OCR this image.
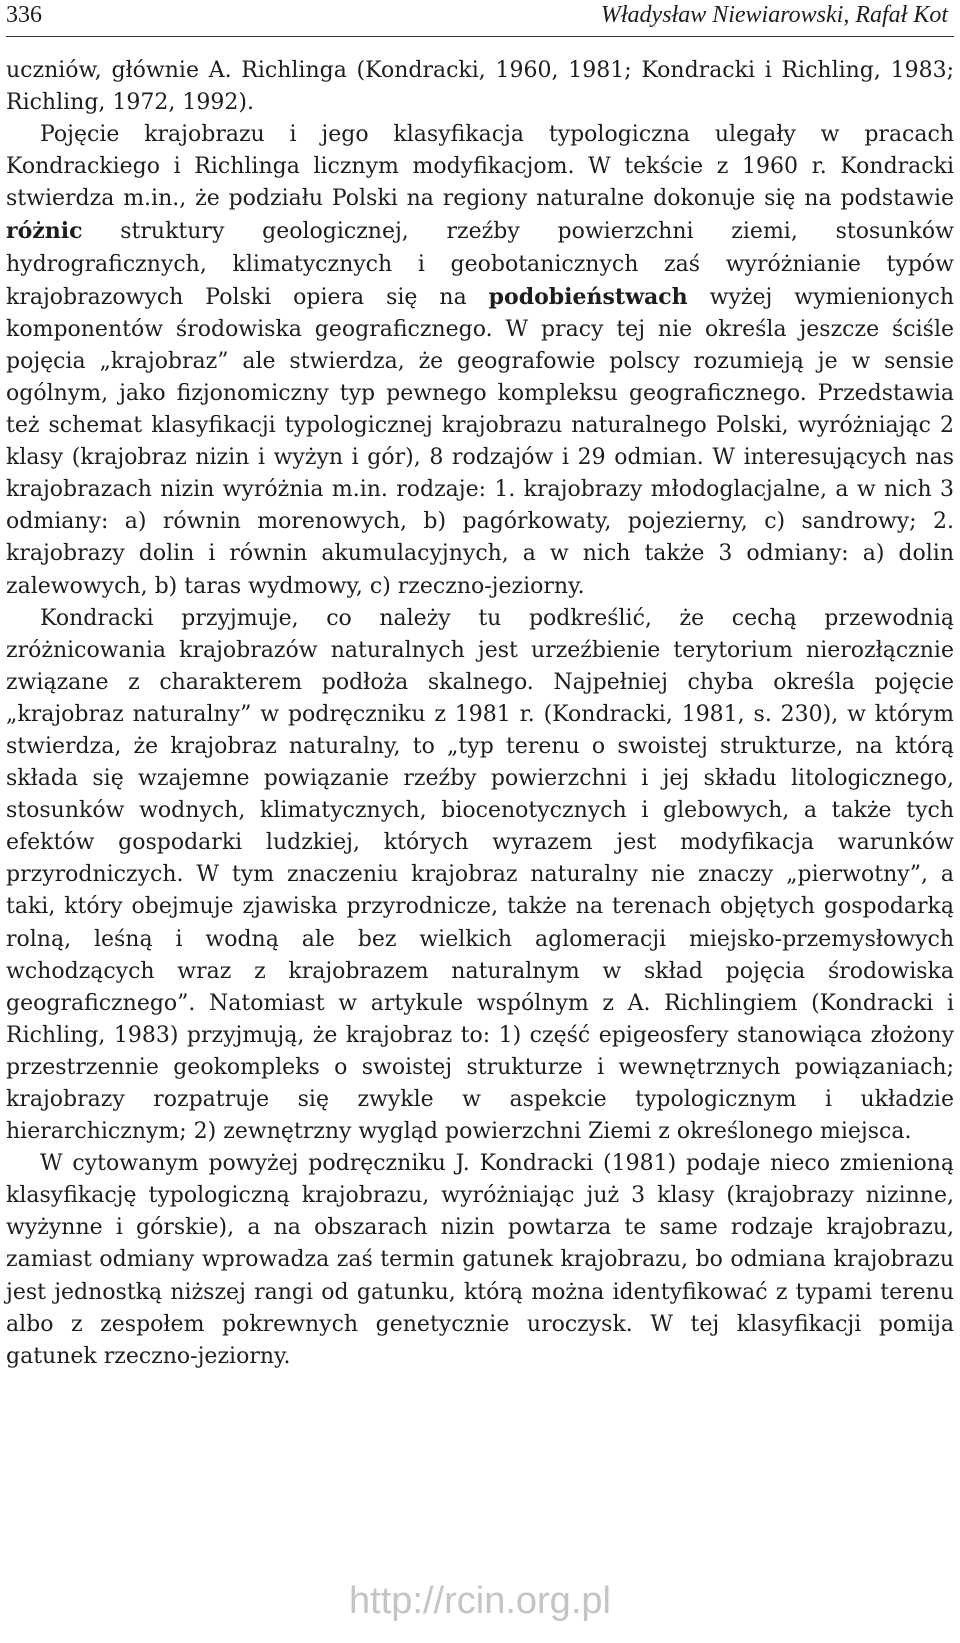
336	Władysław Niewiarowski, Rafał Kot

uczniów, głównie A. Richlinga (Kondracki, 1960, 1981; Kondracki i Richling, 1983; Richling, 1972, 1992).

Pojęcie krajobrazu i jego klasyfikacja typologiczna ulegały w pracach Kondrackiego i Richlinga licznym modyfikacjom. W tekście z 1960 r. Kondracki stwierdza m.in., że podziału Polski na regiony naturalne dokonuje się na podstawie różnic struktury geologicznej, rzeźby powierzchni ziemi, stosunków hydrograficznych, klimatycznych i geobotanicznych zaś wyróżnianie typów krajobrazowych Polski opiera się na podobieństwach wyżej wymienionych komponentów środowiska geograficznego. W pracy tej nie określa jeszcze ściśle pojęcia „krajobraz” ale stwierdza, że geografowie polscy rozumieją je w sensie ogólnym, jako fizjonomiczny typ pewnego kompleksu geograficznego. Przedstawia też schemat klasyfikacji typologicznej krajobrazu naturalnego Polski, wyróżniając 2 klasy (krajobraz nizin i wyżyn i gór), 8 rodzajów i 29 odmian. W interesujących nas krajobrazach nizin wyróżnia m.in. rodzaje: 1. krajobrazy młodoglacjalne, a w nich 3 odmiany: a) równin morenowych, b) pagórkowaty, pojezierny, c) sandrowy; 2. krajobrazy dolin i równin akumulacyjnych, a w nich także 3 odmiany: a) dolin zalewowych, b) taras wydmowy, c) rzeczno-jeziorny.

Kondracki przyjmuje, co należy tu podkreślić, że cechą przewodnią zróżnicowania krajobrazów naturalnych jest urzeźbienie terytorium nierozłącznie związane z charakterem podłoża skalnego. Najpełniej chyba określa pojęcie „krajobraz naturalny” w podręczniku z 1981 r. (Kondracki, 1981, s. 230), w którym stwierdza, że krajobraz naturalny, to „typ terenu o swoistej strukturze, na którą składa się wzajemne powiązanie rzeźby powierzchni i jej składu litologicznego, stosunków wodnych, klimatycznych, biocenotycznych i glebowych, a także tych efektów gospodarki ludzkiej, których wyrazem jest modyfikacja warunków przyrodniczych. W tym znaczeniu krajobraz naturalny nie znaczy „pierwotny”, a taki, który obejmuje zjawiska przyrodnicze, także na terenach objętych gospodarką rolną, leśną i wodną ale bez wielkich aglomeracji miejsko-przemysłowych wchodzących wraz z krajobrazem naturalnym w skład pojęcia środowiska geograficznego”. Natomiast w artykule wspólnym z A. Richlingiem (Kondracki i Richling, 1983) przyjmują, że krajobraz to: 1) część epigeosfery stanowiąca złożony przestrzennie geokompleks o swoistej strukturze i wewnętrznych powiązaniach; krajobrazy rozpatruje się zwykle w aspekcie typologicznym i układzie hierarchicznym; 2) zewnętrzny wygląd powierzchni Ziemi z określonego miejsca.

W cytowanym powyżej podręczniku J. Kondracki (1981) podaje nieco zmienioną klasyfikację typologiczną krajobrazu, wyróżniając już 3 klasy (krajobrazy nizinne, wyżynne i górskie), a na obszarach nizin powtarza te same rodzaje krajobrazu, zamiast odmiany wprowadza zaś termin gatunek krajobrazu, bo odmiana krajobrazu jest jednostką niższej rangi od gatunku, którą można identyfikować z typami terenu albo z zespołem pokrewnych genetycznie uroczysk. W tej klasyfikacji pomija gatunek rzeczno-jeziorny.

http://rcin.org.pl
